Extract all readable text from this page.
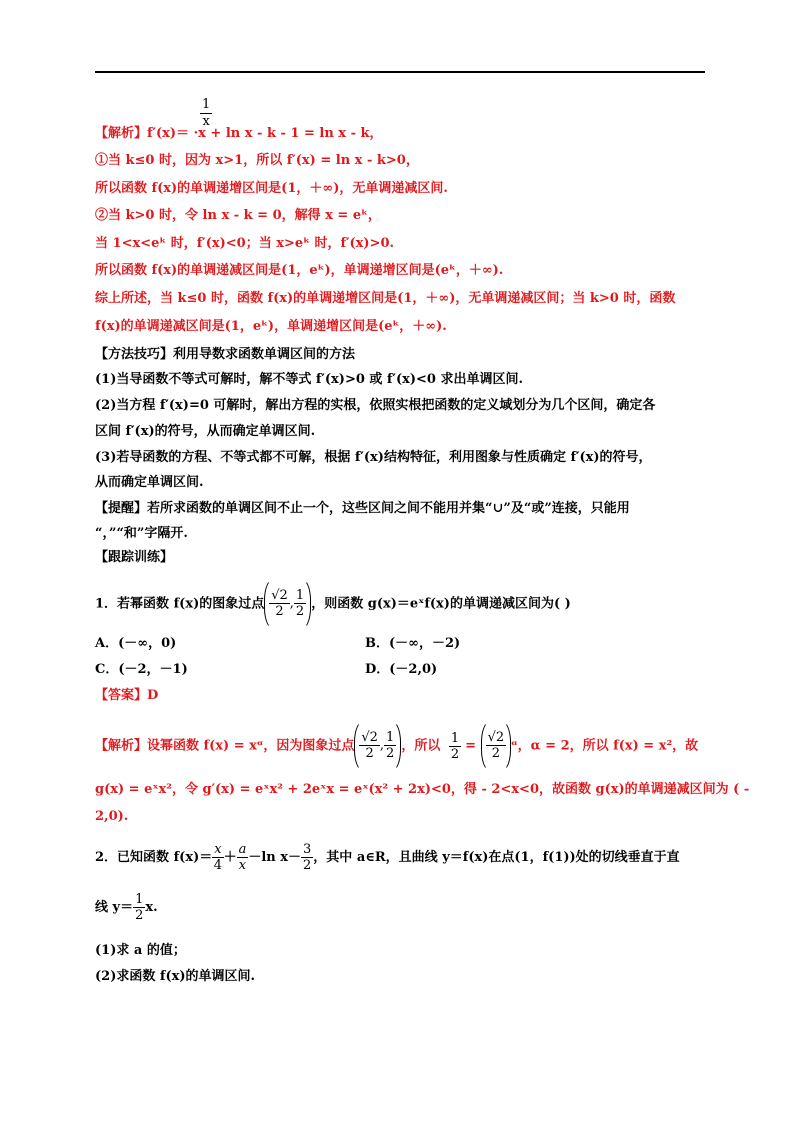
1
x
【解析】f′(x)＝ ·x + ln x - k - 1 = ln x - k，
①当 k≤0 时，因为 x>1，所以 f′(x) = ln x - k>0，
所以函数 f(x)的单调递增区间是(1，＋∞)，无单调递减区间.
②当 k>0 时，令 ln x - k = 0，解得 x = eᵏ，
当 1<x<eᵏ 时，f′(x)<0；当 x>eᵏ 时，f′(x)>0.
所以函数 f(x)的单调递减区间是(1，eᵏ)，单调递增区间是(eᵏ，＋∞).
综上所述，当 k≤0 时，函数 f(x)的单调递增区间是(1，＋∞)，无单调递减区间；当 k>0 时，函数
f(x)的单调递减区间是(1，eᵏ)，单调递增区间是(eᵏ，＋∞).
【方法技巧】利用导数求函数单调区间的方法
(1)当导函数不等式可解时，解不等式 f′(x)>0 或 f′(x)<0 求出单调区间.
(2)当方程 f′(x)=0 可解时，解出方程的实根，依照实根把函数的定义域划分为几个区间，确定各
区间 f′(x)的符号，从而确定单调区间.
(3)若导函数的方程、不等式都不可解，根据 f′(x)结构特征，利用图象与性质确定 f′(x)的符号，
从而确定单调区间.
【提醒】若所求函数的单调区间不止一个，这些区间之间不能用并集“∪”及“或”连接，只能用
“，”“和”字隔开.
【跟踪训练】
1．若幂函数 f(x)的图象过点 $\frac{√2}{2}$ , $\frac{1}{2}$ ，则函数 g(x)＝eˣf(x)的单调递减区间为( )
A．(－∞，0)	B．(－∞，－2)
C．(－2，－1)	D．(－2,0)
【答案】D
【解析】设幂函数 f(x) = xᵅ，因为图象过点 $\frac{√2}{2}$ , $\frac{1}{2}$ ，所以 $\frac{1}{2} = \frac{√2}{2}$ ᵅ，α = 2，所以 f(x) = x²，故
g(x) = eˣx²，令 g′(x) = eˣx² + 2eˣx = eˣ(x² + 2x)<0，得 - 2<x<0，故函数 g(x)的单调递减区间为 ( -
2,0).
2．已知函数 $f(x)= \frac{x}{4} + \frac{a}{x} -\ln$ $x- \frac{3}{2}$ ，其中 a∈R，且曲线 y＝f(x)在点(1，f(1))处的切线垂直于直
线 $y= \frac{1}{2} x$.
(1)求 a 的值；
(2)求函数 f(x)的单调区间.
